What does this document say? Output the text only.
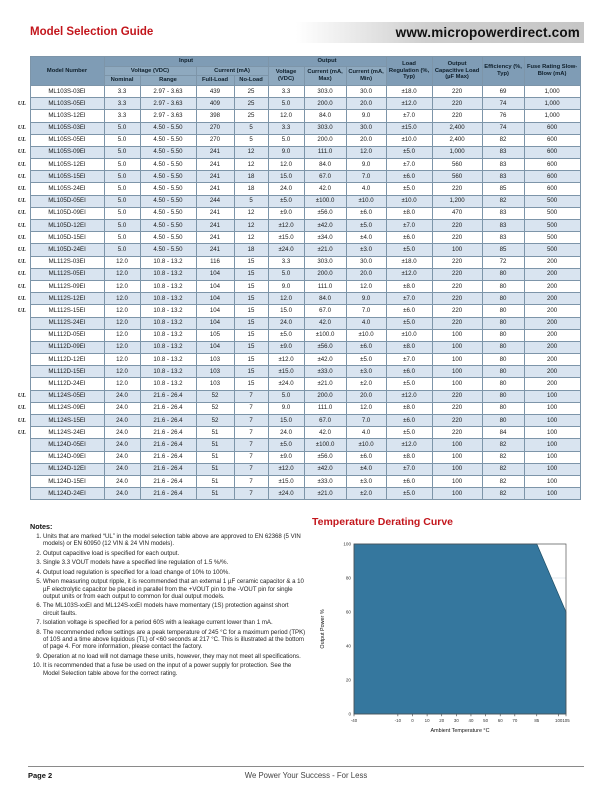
Model Selection Guide	www.micropowerdirect.com
	Model Number	Input				Output			Load Regulation (%, Typ)	Output Capacitive Load (µF Max)	Efficiency (%, Typ)	Fuse Rating Slow-Blow (mA)
		Voltage (VDC)		Current (mA)		Voltage (VDC)	Current (mA, Max)	Current (mA, Min)				
		Nominal	Range	Full-Load	No-Load							
	ML103S-03EI	3.3	2.97 - 3.63	439	25	3.3	303.0	30.0	±18.0	220	69	1,000
UL	ML103S-05EI	3.3	2.97 - 3.63	409	25	5.0	200.0	20.0	±12.0	220	74	1,000
	ML103S-12EI	3.3	2.97 - 3.63	398	25	12.0	84.0	9.0	±7.0	220	76	1,000
UL	ML105S-03EI	5.0	4.50 - 5.50	270	5	3.3	303.0	30.0	±15.0	2,400	74	600
UL	ML105S-05EI	5.0	4.50 - 5.50	270	5	5.0	200.0	20.0	±10.0	2,400	82	600
UL	ML105S-09EI	5.0	4.50 - 5.50	241	12	9.0	111.0	12.0	±5.0	1,000	83	600
UL	ML105S-12EI	5.0	4.50 - 5.50	241	12	12.0	84.0	9.0	±7.0	560	83	600
UL	ML105S-15EI	5.0	4.50 - 5.50	241	18	15.0	67.0	7.0	±6.0	560	83	600
UL	ML105S-24EI	5.0	4.50 - 5.50	241	18	24.0	42.0	4.0	±5.0	220	85	600
UL	ML105D-05EI	5.0	4.50 - 5.50	244	5	±5.0	±100.0	±10.0	±10.0	1,200	82	500
UL	ML105D-09EI	5.0	4.50 - 5.50	241	12	±9.0	±56.0	±6.0	±8.0	470	83	500
UL	ML105D-12EI	5.0	4.50 - 5.50	241	12	±12.0	±42.0	±5.0	±7.0	220	83	500
UL	ML105D-15EI	5.0	4.50 - 5.50	241	12	±15.0	±34.0	±4.0	±6.0	220	83	500
UL	ML105D-24EI	5.0	4.50 - 5.50	241	18	±24.0	±21.0	±3.0	±5.0	100	85	500
UL	ML112S-03EI	12.0	10.8 - 13.2	116	15	3.3	303.0	30.0	±18.0	220	72	200
UL	ML112S-05EI	12.0	10.8 - 13.2	104	15	5.0	200.0	20.0	±12.0	220	80	200
UL	ML112S-09EI	12.0	10.8 - 13.2	104	15	9.0	111.0	12.0	±8.0	220	80	200
UL	ML112S-12EI	12.0	10.8 - 13.2	104	15	12.0	84.0	9.0	±7.0	220	80	200
UL	ML112S-15EI	12.0	10.8 - 13.2	104	15	15.0	67.0	7.0	±6.0	220	80	200
	ML112S-24EI	12.0	10.8 - 13.2	104	15	24.0	42.0	4.0	±5.0	220	80	200
	ML112D-05EI	12.0	10.8 - 13.2	105	15	±5.0	±100.0	±10.0	±10.0	100	80	200
	ML112D-09EI	12.0	10.8 - 13.2	104	15	±9.0	±56.0	±6.0	±8.0	100	80	200
	ML112D-12EI	12.0	10.8 - 13.2	103	15	±12.0	±42.0	±5.0	±7.0	100	80	200
	ML112D-15EI	12.0	10.8 - 13.2	103	15	±15.0	±33.0	±3.0	±6.0	100	80	200
	ML112D-24EI	12.0	10.8 - 13.2	103	15	±24.0	±21.0	±2.0	±5.0	100	80	200
UL	ML124S-05EI	24.0	21.6 - 26.4	52	7	5.0	200.0	20.0	±12.0	220	80	100
UL	ML124S-09EI	24.0	21.6 - 26.4	52	7	9.0	111.0	12.0	±8.0	220	80	100
UL	ML124S-15EI	24.0	21.6 - 26.4	52	7	15.0	67.0	7.0	±6.0	220	80	100
UL	ML124S-24EI	24.0	21.6 - 26.4	51	7	24.0	42.0	4.0	±5.0	220	84	100
	ML124D-05EI	24.0	21.6 - 26.4	51	7	±5.0	±100.0	±10.0	±12.0	100	82	100
	ML124D-09EI	24.0	21.6 - 26.4	51	7	±9.0	±56.0	±6.0	±8.0	100	82	100
	ML124D-12EI	24.0	21.6 - 26.4	51	7	±12.0	±42.0	±4.0	±7.0	100	82	100
	ML124D-15EI	24.0	21.6 - 26.4	51	7	±15.0	±33.0	±3.0	±6.0	100	82	100
	ML124D-24EI	24.0	21.6 - 26.4	51	7	±24.0	±21.0	±2.0	±5.0	100	82	100
Notes:
1. Units that are marked “UL” in the model selection table above are approved to EN 62368 (5 VIN models) or EN 60950 (12 VIN & 24 VIN models).
2. Output capacitive load is specified for each output.
3. Single 3.3 VOUT models have a specified line regulation of 1.5 %/%.
4. Output load regulation is specified for a load change of 10% to 100%.
5. When measuring output ripple, it is recommended that an external 1 µF ceramic capacitor & a 10 µF electrolytic capacitor be placed in parallel from the +VOUT pin to the -VOUT pin for single output units or from each output to common for dual output models.
6. The ML103S-xxEI and ML124S-xxEI models have momentary (1S) protection against short circuit faults.
7. Isolation voltage is specified for a period 60S with a leakage current lower than 1 mA.
8. The recommended reflow settings are a peak temperature of 245 °C for a maximum period (TPK) of 10S and a time above liquidous (TL) of <60 seconds at 217 °C. This is illustrated at the bottom of page 4. For more information, please contact the factory.
9. Operation at no load will not damage these units, however, they may not meet all specifications.
10. It is recommended that a fuse be used on the input of a power supply for protection. See the Model Selection table above for the correct rating.
Temperature Derating Curve
0
20
40
60
80
100
-40	-10 0 10 20 30 40 50 60 70	85	100 105
Ambient Temperature °C
Output Power %
Page 2	We Power Your Success - For Less
